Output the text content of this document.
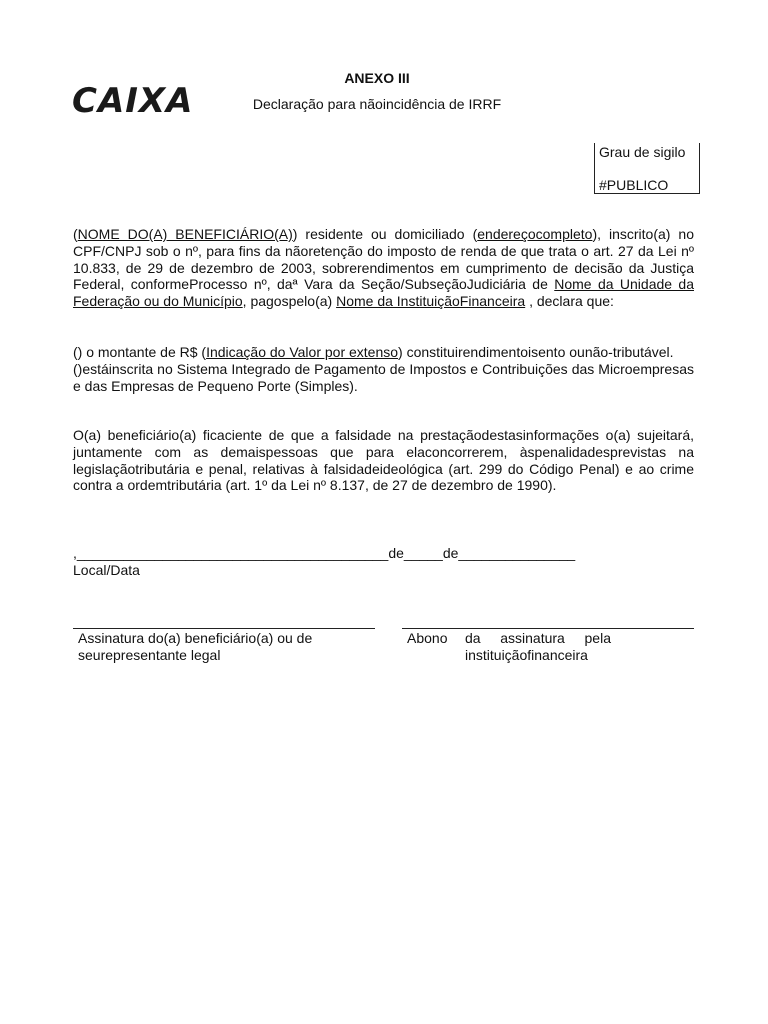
CAIXA
ANEXO III
Declaração para nãoincidência de IRRF
Grau de sigilo
#PUBLICO
(NOME DO(A) BENEFICIÁRIO(A)) residente ou domiciliado (endereçocompleto), inscrito(a) no CPF/CNPJ sob o nº, para fins da nãoretenção do imposto de renda de que trata o art. 27 da Lei nº 10.833, de 29 de dezembro de 2003, sobrerendimentos em cumprimento de decisão da Justiça Federal, conformeProcesso nº, daª Vara da Seção/SubseçãoJudiciária de Nome da Unidade da Federação ou do Município, pagospelo(a) Nome da InstituiçãoFinanceira , declara que:
() o montante de R$ (Indicação do Valor por extenso) constituirendimentoisento ounão-tributável.
()estáinscrita no Sistema Integrado de Pagamento de Impostos e Contribuições das Microempresas e das Empresas de Pequeno Porte (Simples).
O(a) beneficiário(a) ficaciente de que a falsidade na prestaçãodestasinformações o(a) sujeitará, juntamente com as demaispessoas que para elaconcorrerem, àspenalidadesprevistas na legislaçãotributária e penal, relativas à falsidadeideológica (art. 299 do Código Penal) e ao crime contra a ordemtributária (art. 1º da Lei nº 8.137, de 27 de dezembro de 1990).
,________________________________________de_____de_______________
Local/Data
Assinatura do(a) beneficiário(a) ou de seurepresentante legal
Abono da assinatura pela instituiçãofinanceira
